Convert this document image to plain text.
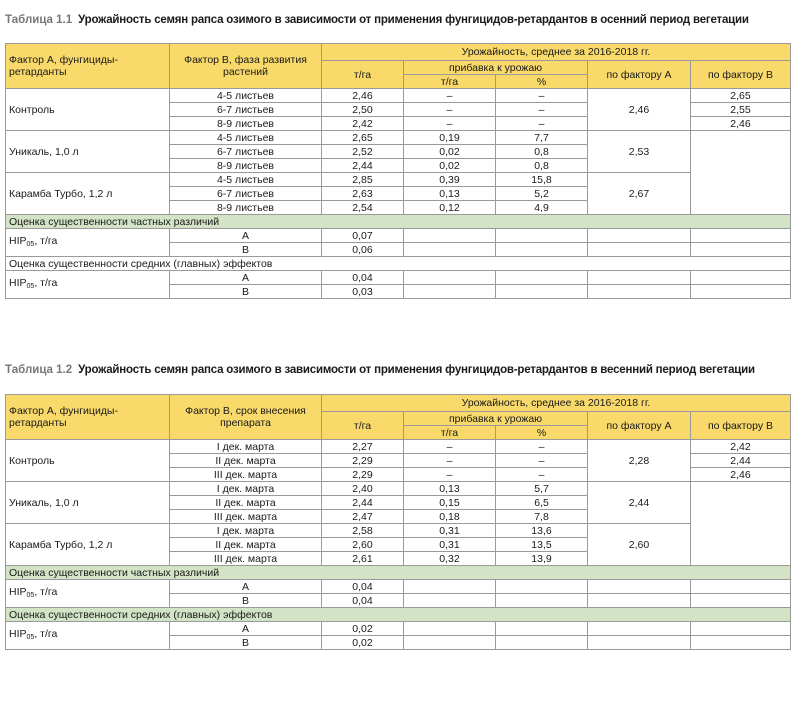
Таблица 1.1 Урожайность семян рапса озимого в зависимости от применения фунгицидов-ретардантов в осенний период вегетации
Фактор А, фунгициды-ретарданты	Фактор В, фаза развития растений	Урожайность, среднее за 2016-2018 гг.				
		т/га	прибавка к урожаю		по фактору А	по фактору В
			т/га	%		
Контроль	4-5 листьев	2,46	–	–	2,46	2,65
	6-7 листьев	2,50	–	–		2,55
	8-9 листьев	2,42	–	–		2,46
Уникаль, 1,0 л	4-5 листьев	2,65	0,19	7,7	2,53	
	6-7 листьев	2,52	0,02	0,8		
	8-9 листьев	2,44	0,02	0,8		
Карамба Турбо, 1,2 л	4-5 листьев	2,85	0,39	15,8	2,67	
	6-7 листьев	2,63	0,13	5,2		
	8-9 листьев	2,54	0,12	4,9		
Оценка существенности частных различий						
$НIР_{05}$, т/га	А	0,07				
	В	0,06				
Оценка существенности средних (главных) эффектов						
$НIР_{05}$, т/га	А	0,04				
	В	0,03				
Таблица 1.2 Урожайность семян рапса озимого в зависимости от применения фунгицидов-ретардантов в весенний период вегетации
Фактор А, фунгициды-ретарданты	Фактор В, срок внесения препарата	Урожайность, среднее за 2016-2018 гг.				
		т/га	прибавка к урожаю		по фактору А	по фактору В
			т/га	%		
Контроль	I дек. марта	2,27	–	–	2,28	2,42
	II дек. марта	2,29	–	–		2,44
	III дек. марта	2,29	–	–		2,46
Уникаль, 1,0 л	I дек. марта	2,40	0,13	5,7	2,44	
	II дек. марта	2,44	0,15	6,5		
	III дек. марта	2,47	0,18	7,8		
Карамба Турбо, 1,2 л	I дек. марта	2,58	0,31	13,6	2,60	
	II дек. марта	2,60	0,31	13,5		
	III дек. марта	2,61	0,32	13,9		
Оценка существенности частных различий						
$НIР_{05}$, т/га	А	0,04				
	В	0,04				
Оценка существенности средних (главных) эффектов						
$НIР_{05}$, т/га	А	0,02				
	В	0,02				
